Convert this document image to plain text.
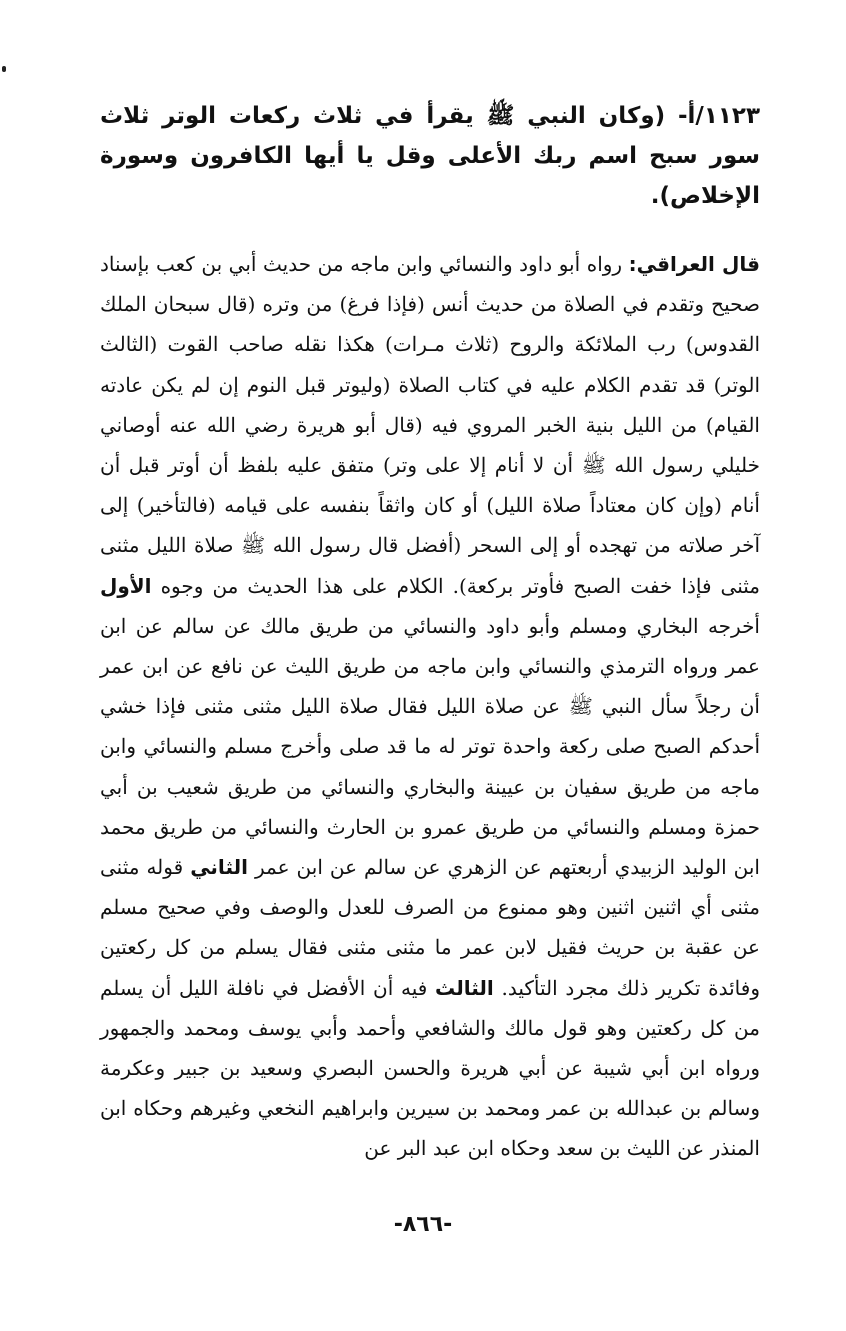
١١٢٣/أ- (وكان النبي ﷺ يقرأ في ثلاث ركعات الوتر ثلاث سور سبح اسم ربك الأعلى وقل يا أيها الكافرون وسورة الإخلاص).

قال العراقي: رواه أبو داود والنسائي وابن ماجه من حديث أبي بن كعب بإسناد صحيح وتقدم في الصلاة من حديث أنس (فإذا فرغ) من وتره (قال سبحان الملك القدوس) رب الملائكة والروح (ثلاث مـرات) هكذا نقله صاحب القوت (الثالث الوتر) قد تقدم الكلام عليه في كتاب الصلاة (وليوتر قبل النوم إن لم يكن عادته القيام) من الليل بنية الخبر المروي فيه (قال أبو هريرة رضي الله عنه أوصاني خليلي رسول الله ﷺ أن لا أنام إلا على وتر) متفق عليه بلفظ أن أوتر قبل أن أنام (وإن كان معتاداً صلاة الليل) أو كان واثقاً بنفسه على قيامه (فالتأخير) إلى آخر صلاته من تهجده أو إلى السحر (أفضل قال رسول الله ﷺ صلاة الليل مثنى مثنى فإذا خفت الصبح فأوتر بركعة). الكلام على هذا الحديث من وجوه الأول أخرجه البخاري ومسلم وأبو داود والنسائي من طريق مالك عن سالم عن ابن عمر ورواه الترمذي والنسائي وابن ماجه من طريق الليث عن نافع عن ابن عمر أن رجلاً سأل النبي ﷺ عن صلاة الليل فقال صلاة الليل مثنى مثنى فإذا خشي أحدكم الصبح صلى ركعة واحدة توتر له ما قد صلى وأخرج مسلم والنسائي وابن ماجه من طريق سفيان بن عيينة والبخاري والنسائي من طريق شعيب بن أبي حمزة ومسلم والنسائي من طريق عمرو بن الحارث والنسائي من طريق محمد ابن الوليد الزبيدي أربعتهم عن الزهري عن سالم عن ابن عمر الثاني قوله مثنى مثنى أي اثنين اثنين وهو ممنوع من الصرف للعدل والوصف وفي صحيح مسلم عن عقبة بن حريث فقيل لابن عمر ما مثنى مثنى فقال يسلم من كل ركعتين وفائدة تكرير ذلك مجرد التأكيد. الثالث فيه أن الأفضل في نافلة الليل أن يسلم من كل ركعتين وهو قول مالك والشافعي وأحمد وأبي يوسف ومحمد والجمهور ورواه ابن أبي شيبة عن أبي هريرة والحسن البصري وسعيد بن جبير وعكرمة وسالم بن عبدالله بن عمر ومحمد بن سيرين وابراهيم النخعي وغيرهم وحكاه ابن المنذر عن الليث بن سعد وحكاه ابن عبد البر عن

-٨٦٦-
